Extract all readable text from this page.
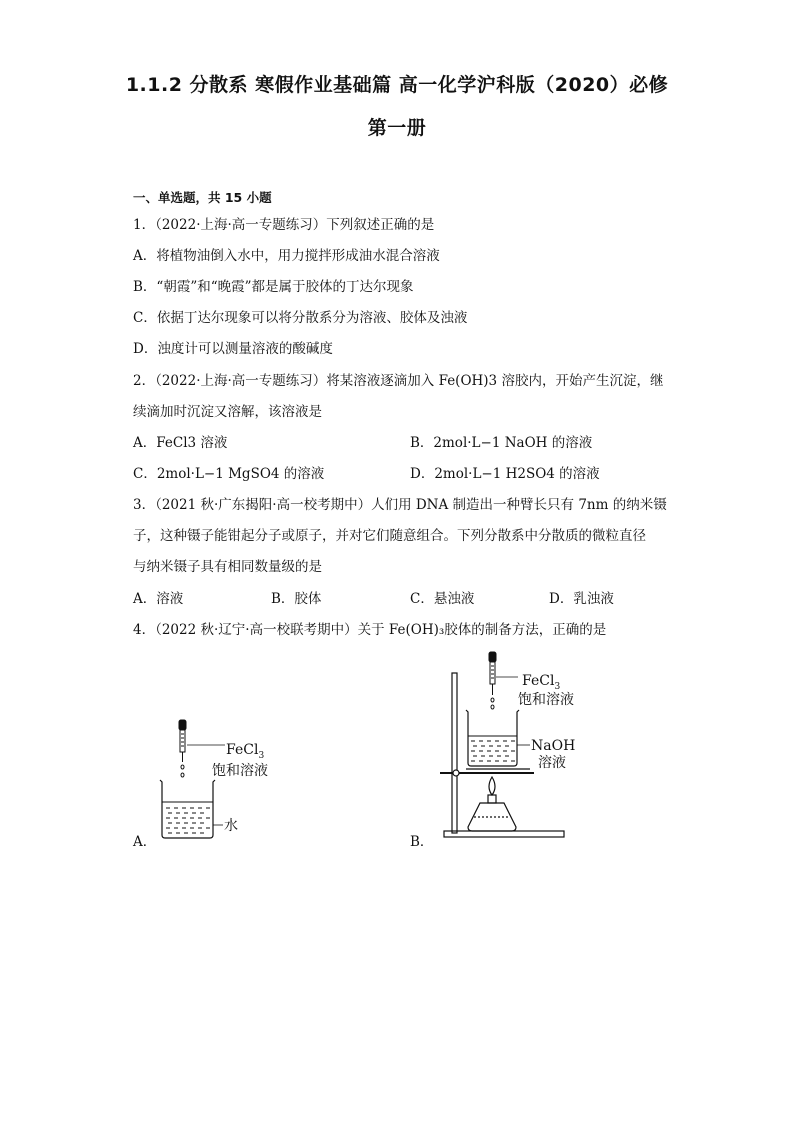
1.1.2 分散系 寒假作业基础篇 高一化学沪科版（2020）必修
第一册
一、单选题，共 15 小题
1．（2022·上海·高一专题练习）下列叙述正确的是
A．将植物油倒入水中，用力搅拌形成油水混合溶液
B．“朝霞”和“晚霞”都是属于胶体的丁达尔现象
C．依据丁达尔现象可以将分散系分为溶液、胶体及浊液
D．浊度计可以测量溶液的酸碱度
2．（2022·上海·高一专题练习）将某溶液逐滴加入 Fe(OH)3 溶胶内，开始产生沉淀，继
续滴加时沉淀又溶解，该溶液是
A．FeCl3 溶液	B．2mol·L−1 NaOH 的溶液
C．2mol·L−1 MgSO4 的溶液	D．2mol·L−1 H2SO4 的溶液
3．（2021 秋·广东揭阳·高一校考期中）人们用 DNA 制造出一种臂长只有 7nm 的纳米镊
子，这种镊子能钳起分子或原子，并对它们随意组合。下列分散系中分散质的微粒直径
与纳米镊子具有相同数量级的是
A．溶液	B．胶体	C．悬浊液	D．乳浊液
4．（2022 秋·辽宁·高一校联考期中）关于 Fe(OH)₃胶体的制备方法，正确的是
A．	B．
FeCl$_3$
饱和溶液
水
FeCl$_3$
饱和溶液
NaOH
溶液
